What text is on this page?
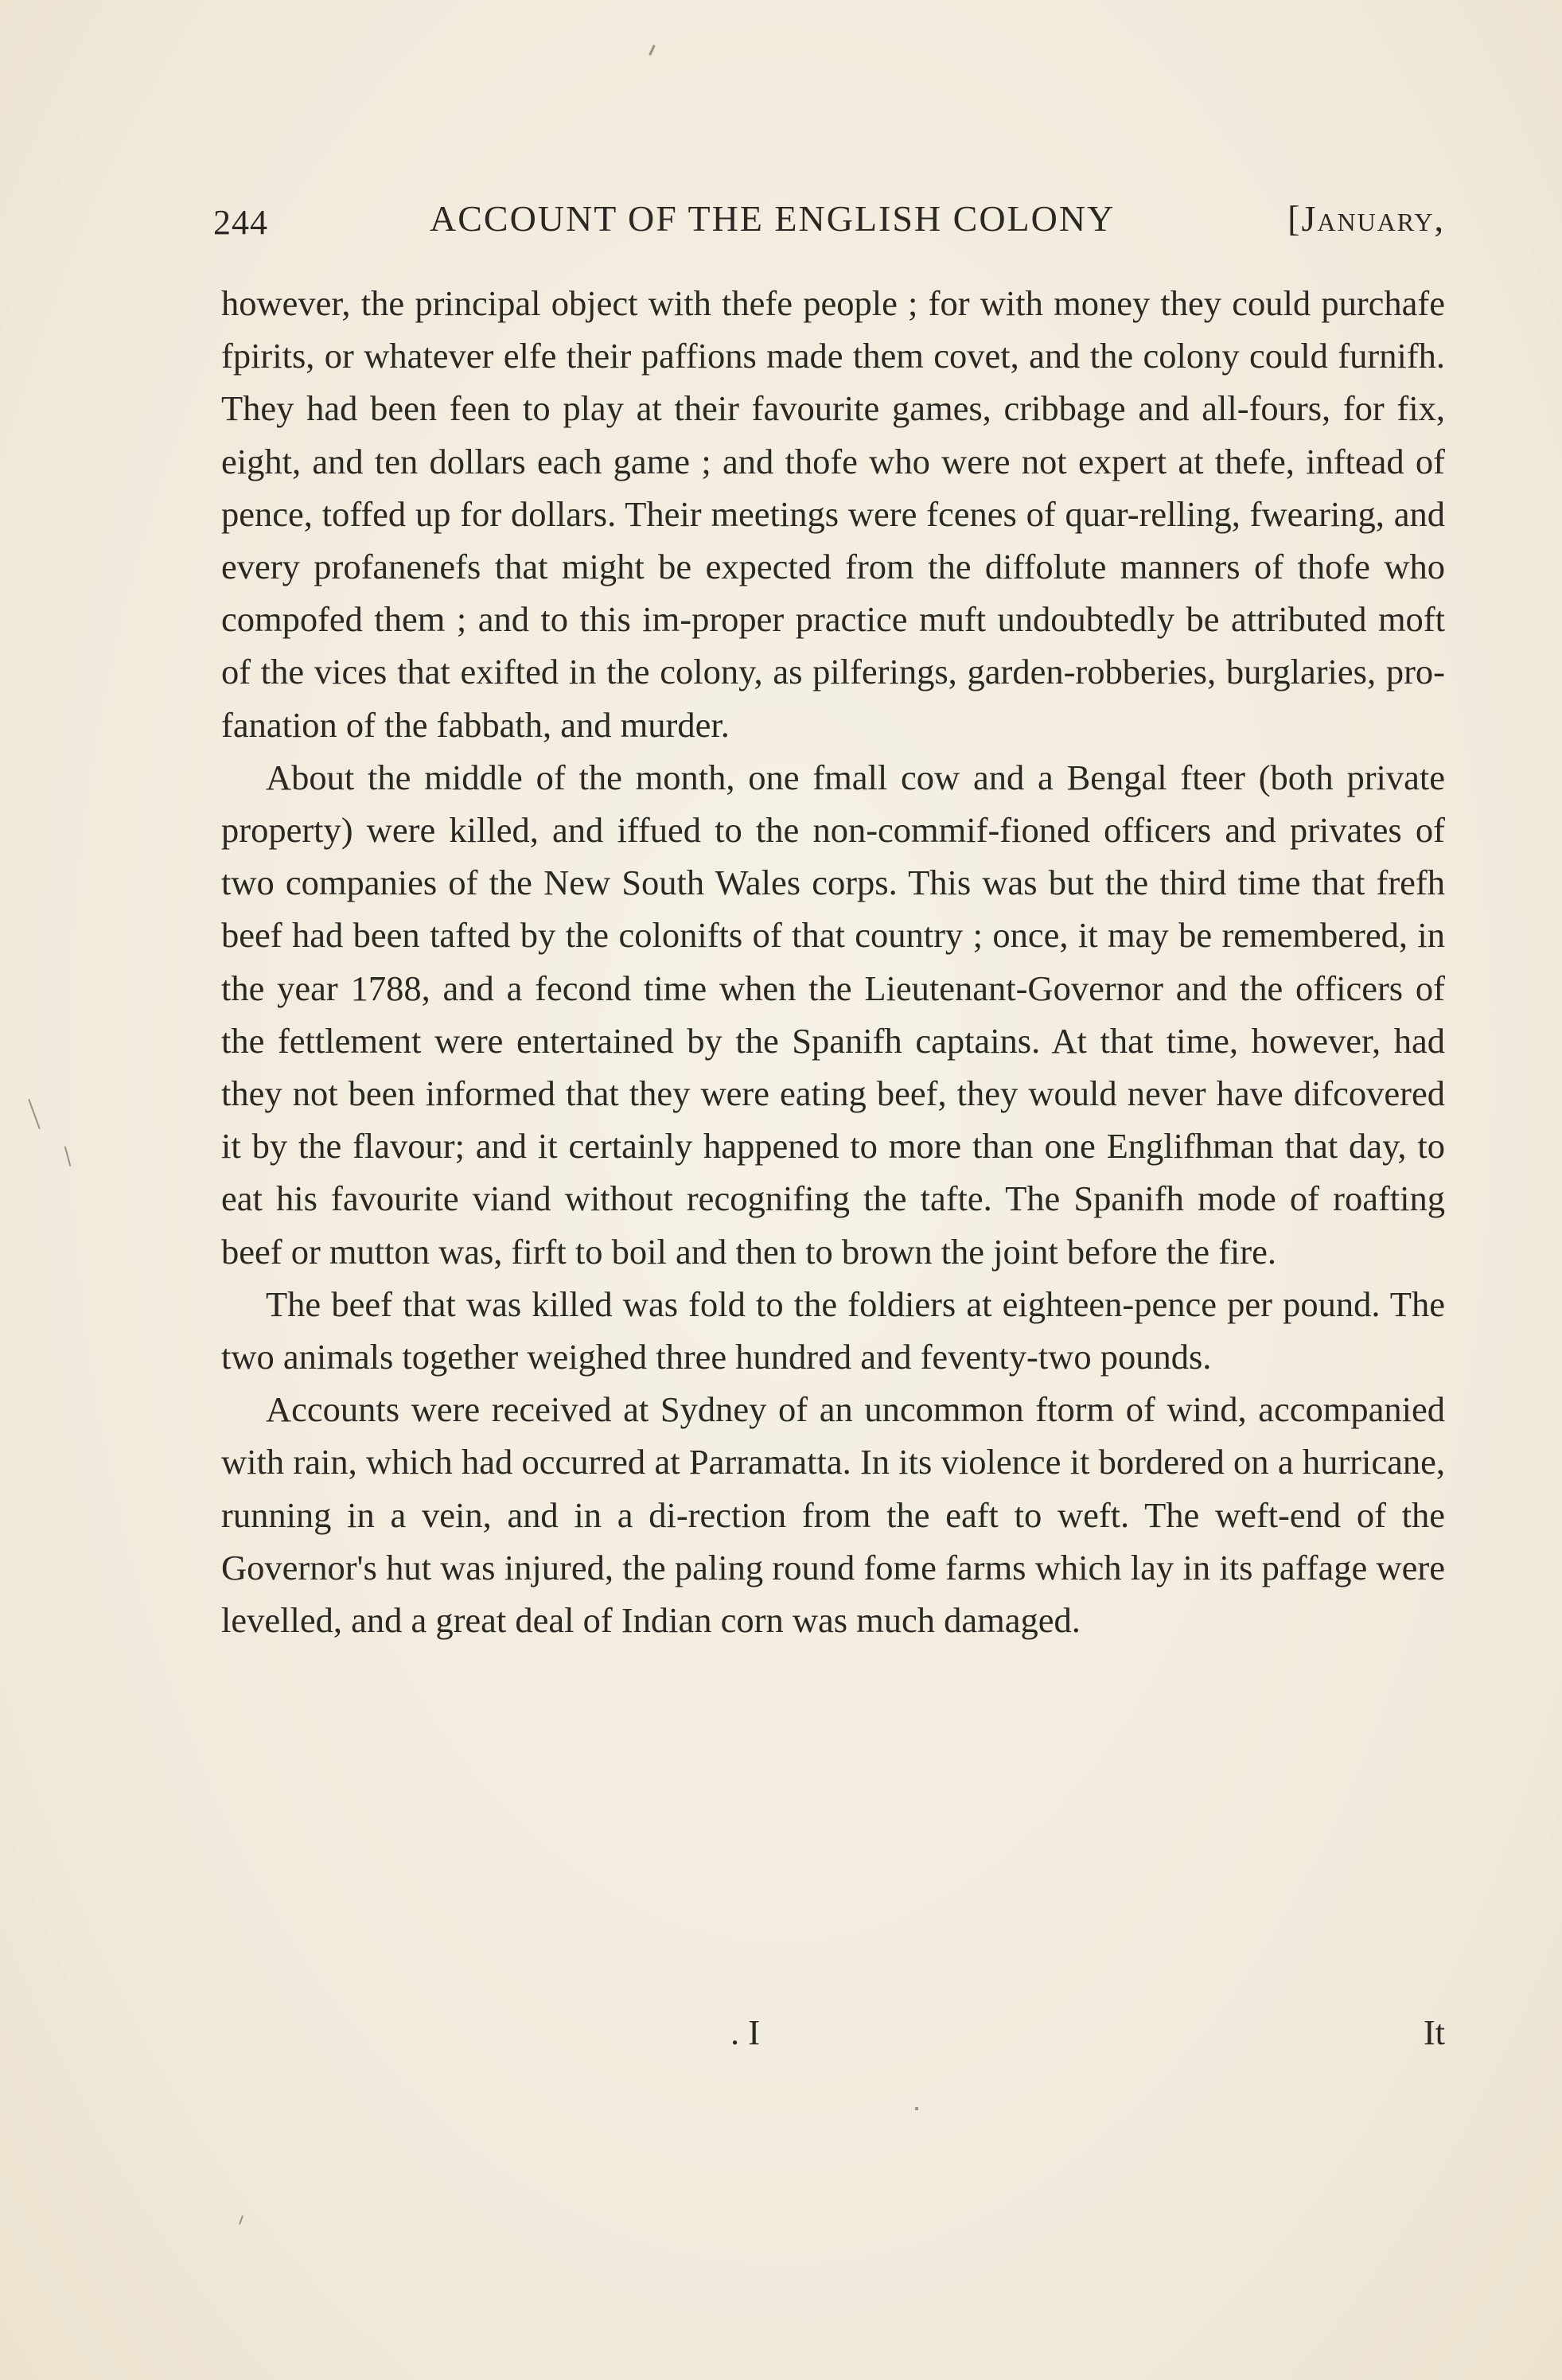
244	ACCOUNT OF THE ENGLISH COLONY	[January,

however, the principal object with thefe people ; for with money they could purchafe fpirits, or whatever elfe their paffions made them covet, and the colony could furnifh. They had been feen to play at their favourite games, cribbage and all-fours, for fix, eight, and ten dollars each game ; and thofe who were not expert at thefe, inftead of pence, toffed up for dollars. Their meetings were fcenes of quar-relling, fwearing, and every profanenefs that might be expected from the diffolute manners of thofe who compofed them ; and to this im-proper practice muft undoubtedly be attributed moft of the vices that exifted in the colony, as pilferings, garden-robberies, burglaries, pro-fanation of the fabbath, and murder.

About the middle of the month, one fmall cow and a Bengal fteer (both private property) were killed, and iffued to the non-commif-fioned officers and privates of two companies of the New South Wales corps. This was but the third time that frefh beef had been tafted by the colonifts of that country ; once, it may be remembered, in the year 1788, and a fecond time when the Lieutenant-Governor and the officers of the fettlement were entertained by the Spanifh captains. At that time, however, had they not been informed that they were eating beef, they would never have difcovered it by the flavour; and it certainly happened to more than one Englifhman that day, to eat his favourite viand without recognifing the tafte. The Spanifh mode of roafting beef or mutton was, firft to boil and then to brown the joint before the fire.

The beef that was killed was fold to the foldiers at eighteen-pence per pound. The two animals together weighed three hundred and feventy-two pounds.

Accounts were received at Sydney of an uncommon ftorm of wind, accompanied with rain, which had occurred at Parramatta. In its violence it bordered on a hurricane, running in a vein, and in a di-rection from the eaft to weft. The weft-end of the Governor's hut was injured, the paling round fome farms which lay in its paffage were levelled, and a great deal of Indian corn was much damaged.

. I	It
